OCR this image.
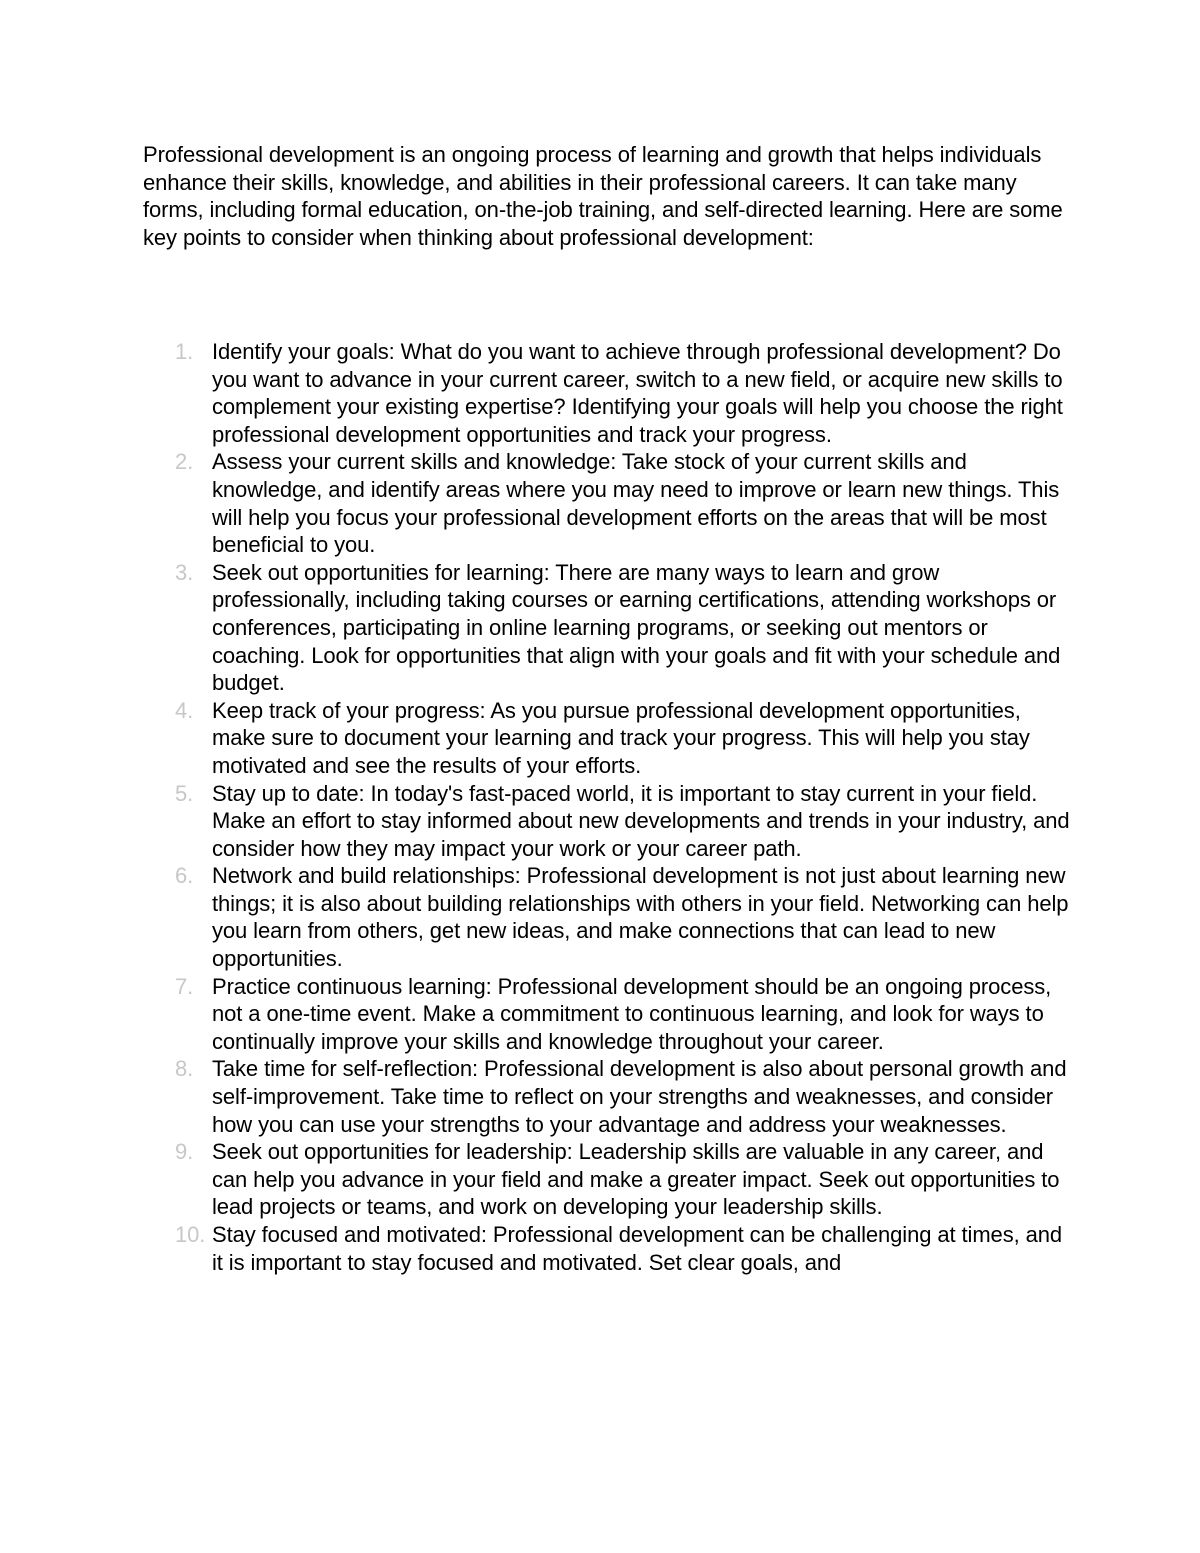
Professional development is an ongoing process of learning and growth that helps individuals enhance their skills, knowledge, and abilities in their professional careers. It can take many forms, including formal education, on-the-job training, and self-directed learning. Here are some key points to consider when thinking about professional development:

1. Identify your goals: What do you want to achieve through professional development? Do you want to advance in your current career, switch to a new field, or acquire new skills to complement your existing expertise? Identifying your goals will help you choose the right professional development opportunities and track your progress.
2. Assess your current skills and knowledge: Take stock of your current skills and knowledge, and identify areas where you may need to improve or learn new things. This will help you focus your professional development efforts on the areas that will be most beneficial to you.
3. Seek out opportunities for learning: There are many ways to learn and grow professionally, including taking courses or earning certifications, attending workshops or conferences, participating in online learning programs, or seeking out mentors or coaching. Look for opportunities that align with your goals and fit with your schedule and budget.
4. Keep track of your progress: As you pursue professional development opportunities, make sure to document your learning and track your progress. This will help you stay motivated and see the results of your efforts.
5. Stay up to date: In today's fast-paced world, it is important to stay current in your field. Make an effort to stay informed about new developments and trends in your industry, and consider how they may impact your work or your career path.
6. Network and build relationships: Professional development is not just about learning new things; it is also about building relationships with others in your field. Networking can help you learn from others, get new ideas, and make connections that can lead to new opportunities.
7. Practice continuous learning: Professional development should be an ongoing process, not a one-time event. Make a commitment to continuous learning, and look for ways to continually improve your skills and knowledge throughout your career.
8. Take time for self-reflection: Professional development is also about personal growth and self-improvement. Take time to reflect on your strengths and weaknesses, and consider how you can use your strengths to your advantage and address your weaknesses.
9. Seek out opportunities for leadership: Leadership skills are valuable in any career, and can help you advance in your field and make a greater impact. Seek out opportunities to lead projects or teams, and work on developing your leadership skills.
10. Stay focused and motivated: Professional development can be challenging at times, and it is important to stay focused and motivated. Set clear goals, and
